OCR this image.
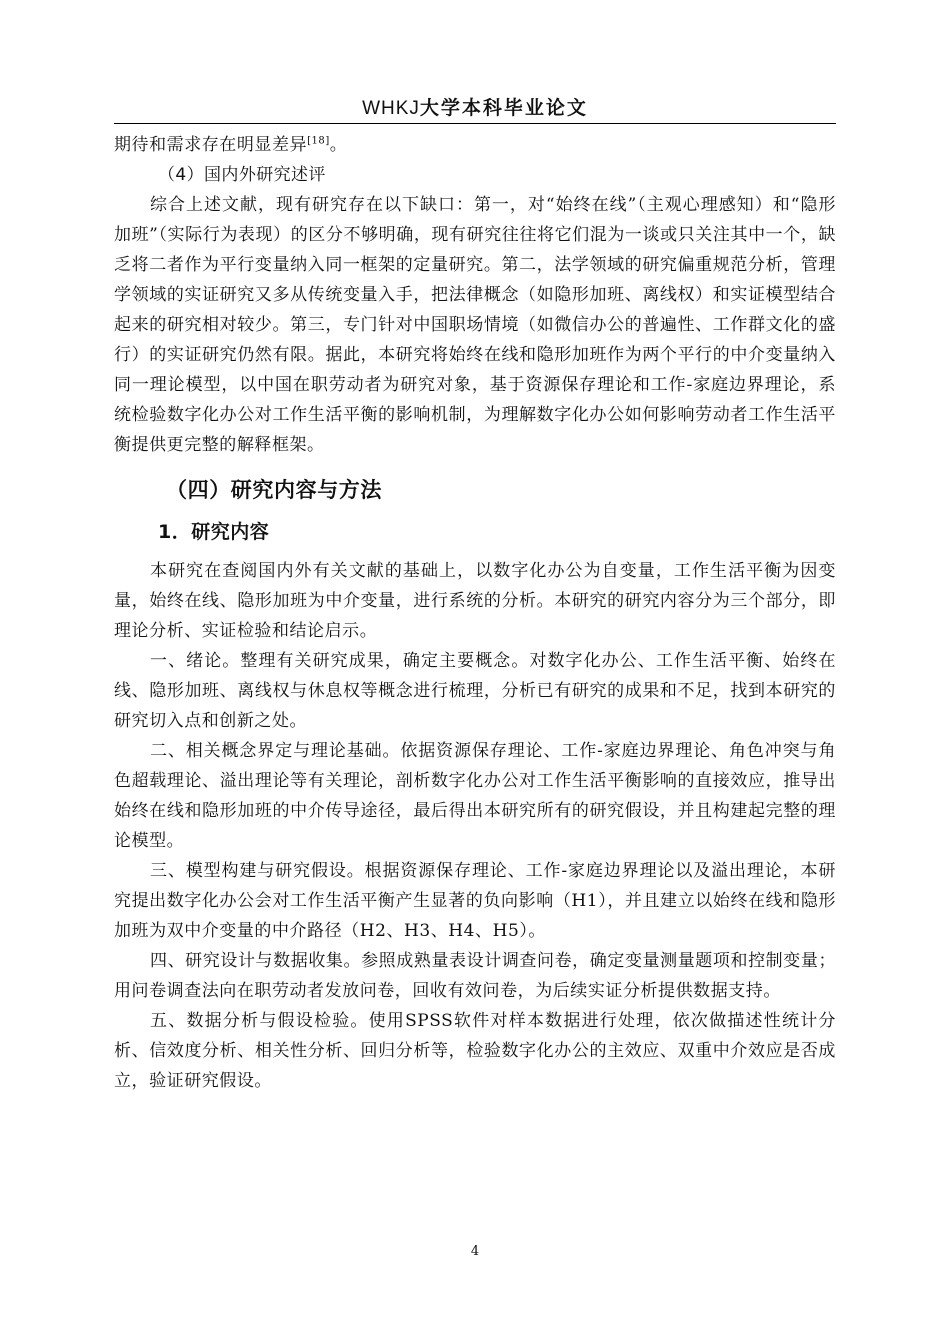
WHKJ大学本科毕业论文

期待和需求存在明显差异[18]。

（4）国内外研究述评

综合上述文献，现有研究存在以下缺口：第一，对“始终在线”（主观心理感知）和“隐形加班”（实际行为表现）的区分不够明确，现有研究往往将它们混为一谈或只关注其中一个，缺乏将二者作为平行变量纳入同一框架的定量研究。第二，法学领域的研究偏重规范分析，管理学领域的实证研究又多从传统变量入手，把法律概念（如隐形加班、离线权）和实证模型结合起来的研究相对较少。第三，专门针对中国职场情境（如微信办公的普遍性、工作群文化的盛行）的实证研究仍然有限。据此，本研究将始终在线和隐形加班作为两个平行的中介变量纳入同一理论模型，以中国在职劳动者为研究对象，基于资源保存理论和工作-家庭边界理论，系统检验数字化办公对工作生活平衡的影响机制，为理解数字化办公如何影响劳动者工作生活平衡提供更完整的解释框架。

（四）研究内容与方法
1．研究内容

本研究在查阅国内外有关文献的基础上，以数字化办公为自变量，工作生活平衡为因变量，始终在线、隐形加班为中介变量，进行系统的分析。本研究的研究内容分为三个部分，即理论分析、实证检验和结论启示。

一、绪论。整理有关研究成果，确定主要概念。对数字化办公、工作生活平衡、始终在线、隐形加班、离线权与休息权等概念进行梳理，分析已有研究的成果和不足，找到本研究的研究切入点和创新之处。

二、相关概念界定与理论基础。依据资源保存理论、工作-家庭边界理论、角色冲突与角色超载理论、溢出理论等有关理论，剖析数字化办公对工作生活平衡影响的直接效应，推导出始终在线和隐形加班的中介传导途径，最后得出本研究所有的研究假设，并且构建起完整的理论模型。

三、模型构建与研究假设。根据资源保存理论、工作-家庭边界理论以及溢出理论，本研究提出数字化办公会对工作生活平衡产生显著的负向影响（H1），并且建立以始终在线和隐形加班为双中介变量的中介路径（H2、H3、H4、H5）。

四、研究设计与数据收集。参照成熟量表设计调查问卷，确定变量测量题项和控制变量；用问卷调查法向在职劳动者发放问卷，回收有效问卷，为后续实证分析提供数据支持。

五、数据分析与假设检验。使用SPSS软件对样本数据进行处理，依次做描述性统计分析、信效度分析、相关性分析、回归分析等，检验数字化办公的主效应、双重中介效应是否成立，验证研究假设。

4
